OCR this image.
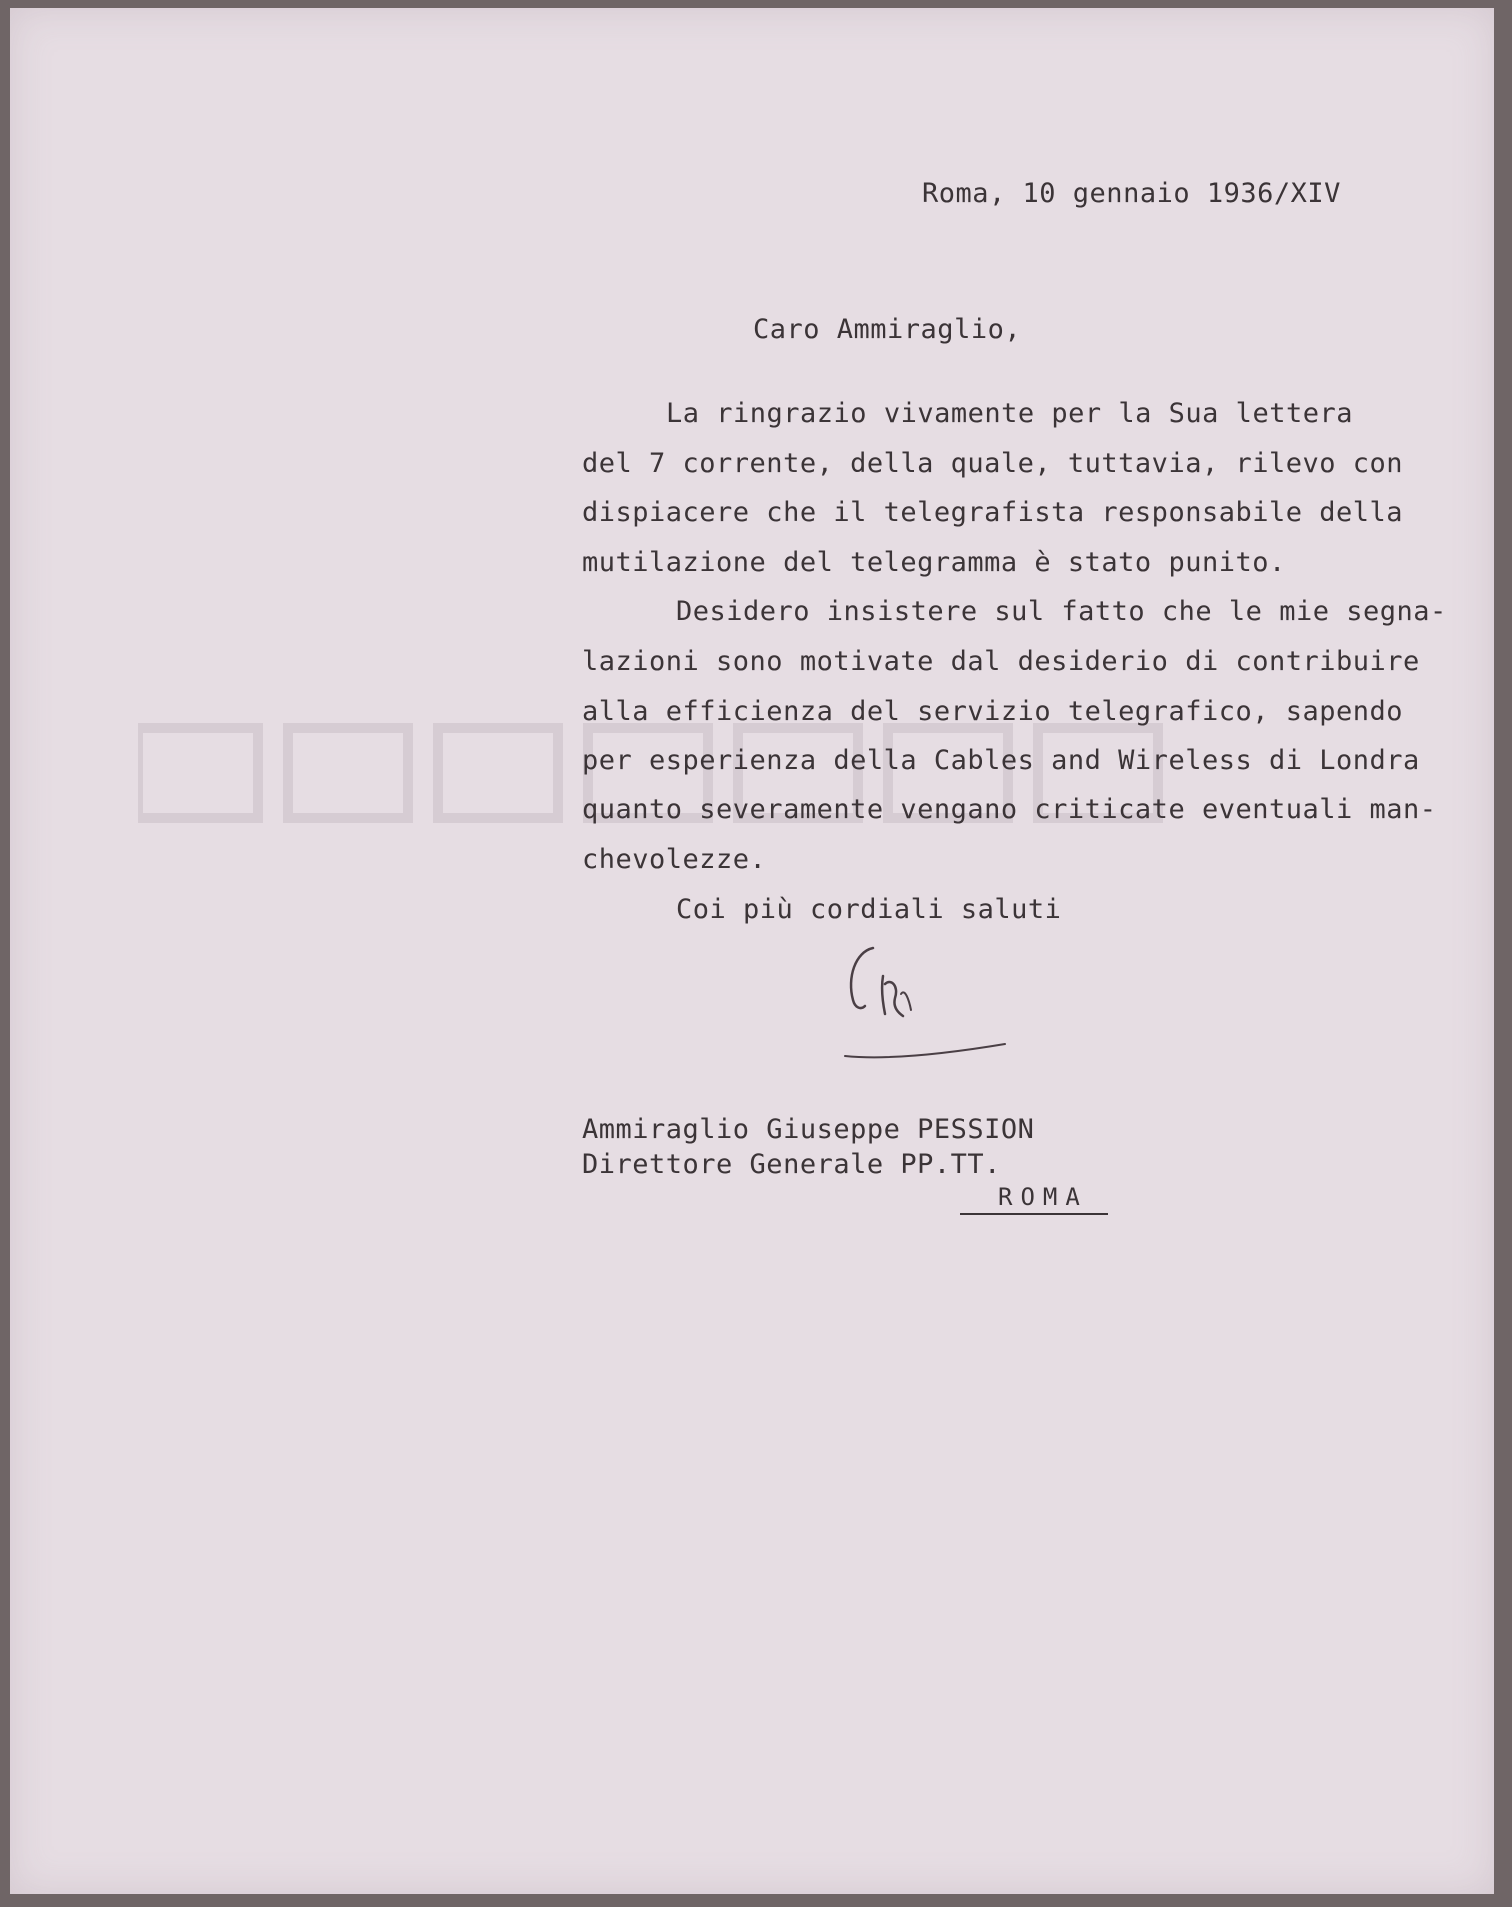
Roma, 10 gennaio 1936/XIV
Caro Ammiraglio,
La ringrazio vivamente per la Sua lettera
del 7 corrente, della quale, tuttavia, rilevo con
dispiacere che il telegrafista responsabile della
mutilazione del telegramma è stato punito.
Desidero insistere sul fatto che le mie segna-
lazioni sono motivate dal desiderio di contribuire
alla efficienza del servizio telegrafico, sapendo
per esperienza della Cables and Wireless di Londra
quanto severamente vengano criticate eventuali man-
chevolezze.
Coi più cordiali saluti
Ammiraglio Giuseppe PESSION
Direttore Generale PP.TT.
ROMA
